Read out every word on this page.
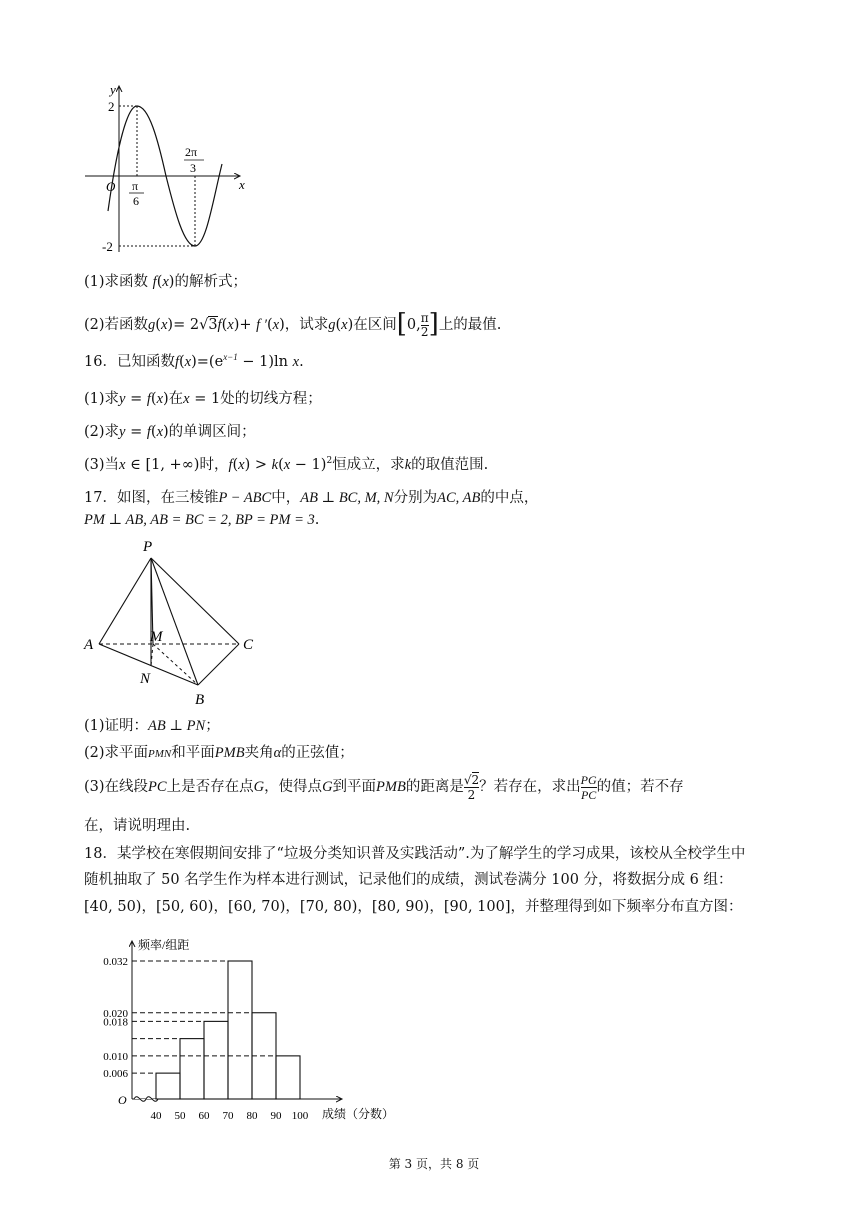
y
x
O
2
-2
π
6
2π
3
(1)求函数 f(x)的解析式；
(2)若函数g(x)= 2√3f(x)+ f ′(x)，试求g(x)在区间[0, $\frac{\pi}{2}$ ]上的最值.
16．已知函数$f(x)=(e^{x-1} - 1)\ln$ x.
(1)求y = f(x)在x = 1处的切线方程；
(2)求y = f(x)的单调区间；
(3)当x ∈ [1, +∞)时，$f(x) > k(x - 1)^2$恒成立，求k的取值范围.
17．如图，在三棱锥P − ABC中，AB ⊥ BC, M, N分别为AC, AB的中点，
PM ⊥ AB, AB = BC = 2, BP = PM = 3.
P
A	C
B
M
N
(1)证明：AB ⊥ PN；
(2)求平面PMN和平面PMB夹角α的正弦值；
(3)在线段PC上是否存在点G，使得点G到平面PMB的距离是 $\frac{√2}{2}$ ？若存在，求出 $\frac{PG}{PC}$ 的值；若不存
在，请说明理由.
18．某学校在寒假期间安排了“垃圾分类知识普及实践活动”.为了解学生的学习成果，该校从全校学生中
随机抽取了 50 名学生作为样本进行测试，记录他们的成绩，测试卷满分 100 分，将数据分成 6 组：
[40, 50)，[50, 60)，[60, 70)，[70, 80)，[80, 90)，[90, 100]，并整理得到如下频率分布直方图：
频率/组距
成绩（分数）
O
0.006
0.010
0.018
0.020
0.032
40 50 60 70 80 90 100
第 3 页，共 8 页
